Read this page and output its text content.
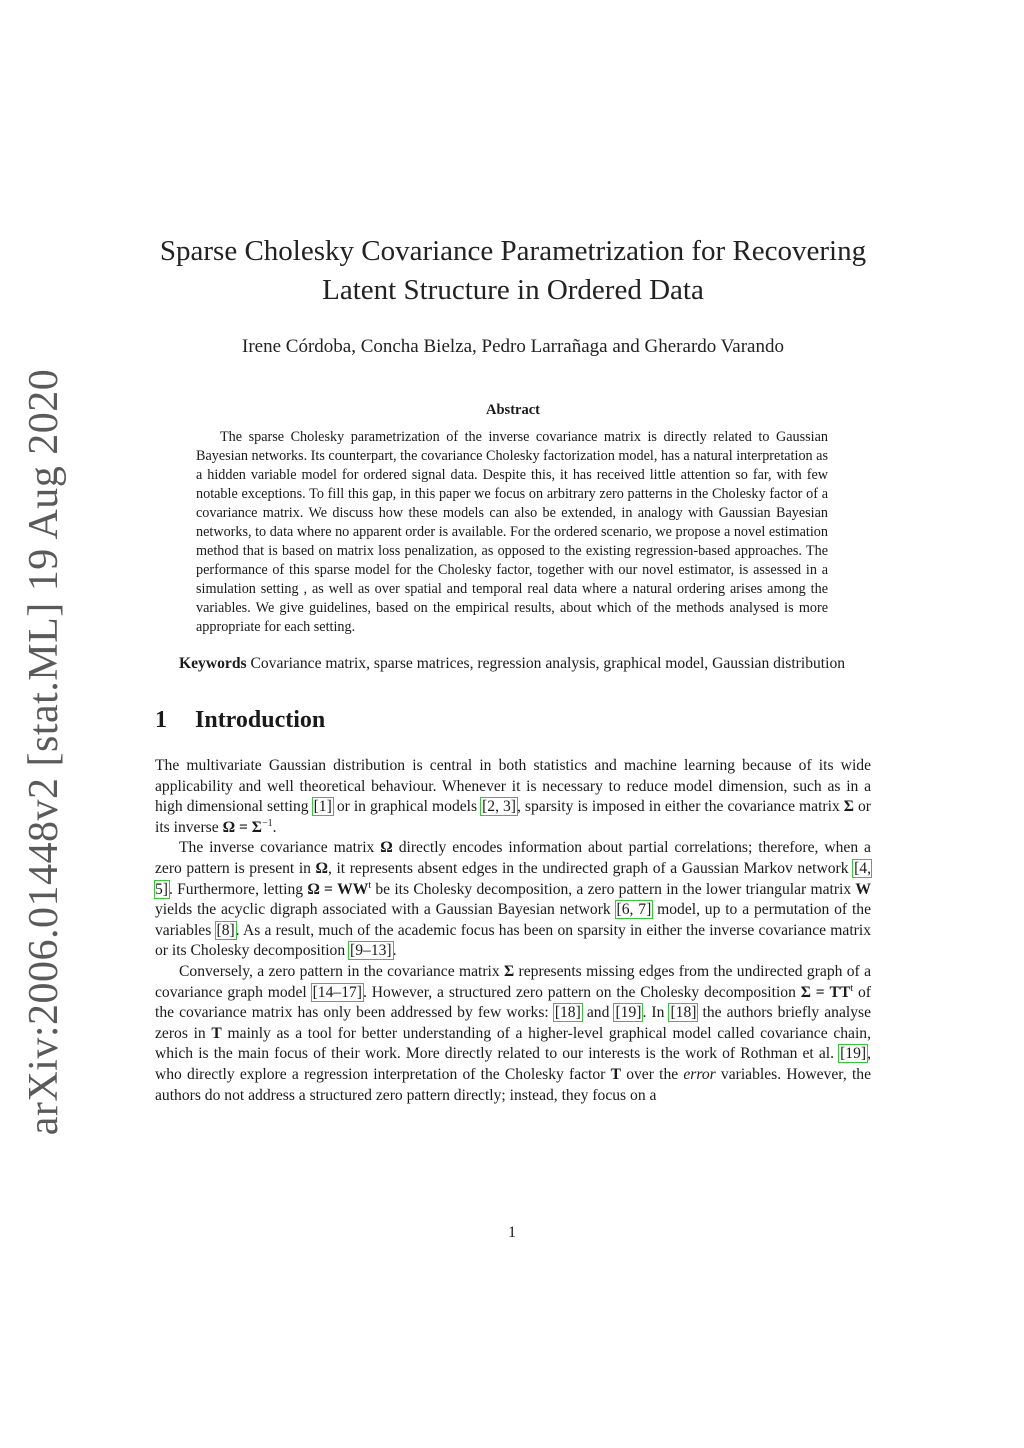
arXiv:2006.01448v2 [stat.ML] 19 Aug 2020
Sparse Cholesky Covariance Parametrization for Recovering Latent Structure in Ordered Data
Irene Córdoba, Concha Bielza, Pedro Larrañaga and Gherardo Varando
Abstract
The sparse Cholesky parametrization of the inverse covariance matrix is directly related to Gaussian Bayesian networks. Its counterpart, the covariance Cholesky factorization model, has a natural interpretation as a hidden variable model for ordered signal data. Despite this, it has received little attention so far, with few notable exceptions. To fill this gap, in this paper we focus on arbitrary zero patterns in the Cholesky factor of a covariance matrix. We discuss how these models can also be extended, in analogy with Gaussian Bayesian networks, to data where no apparent order is available. For the ordered scenario, we propose a novel estimation method that is based on matrix loss penalization, as opposed to the existing regression-based approaches. The performance of this sparse model for the Cholesky factor, together with our novel estimator, is assessed in a simulation setting , as well as over spatial and temporal real data where a natural ordering arises among the variables. We give guidelines, based on the empirical results, about which of the methods analysed is more appropriate for each setting.
Keywords Covariance matrix, sparse matrices, regression analysis, graphical model, Gaussian distribution
1 Introduction

The multivariate Gaussian distribution is central in both statistics and machine learning because of its wide applicability and well theoretical behaviour. Whenever it is necessary to reduce model dimension, such as in a high dimensional setting [1] or in graphical models [2, 3], sparsity is imposed in either the covariance matrix Σ or its inverse $\Omega = \Sigma^{-1}$.

The inverse covariance matrix Ω directly encodes information about partial correlations; therefore, when a zero pattern is present in Ω, it represents absent edges in the undirected graph of a Gaussian Markov network [4, 5]. Furthermore, letting $\Omega = WW^t$ be its Cholesky decomposition, a zero pattern in the lower triangular matrix W yields the acyclic digraph associated with a Gaussian Bayesian network [6, 7] model, up to a permutation of the variables [8]. As a result, much of the academic focus has been on sparsity in either the inverse covariance matrix or its Cholesky decomposition [9–13].

Conversely, a zero pattern in the covariance matrix Σ represents missing edges from the undirected graph of a covariance graph model [14–17]. However, a structured zero pattern on the Cholesky decomposition $\Sigma = TT^t$ of the covariance matrix has only been addressed by few works: [18] and [19]. In [18] the authors briefly analyse zeros in T mainly as a tool for better understanding of a higher-level graphical model called covariance chain, which is the main focus of their work. More directly related to our interests is the work of Rothman et al. [19], who directly explore a regression interpretation of the Cholesky factor T over the error variables. However, the authors do not address a structured zero pattern directly; instead, they focus on a

1
